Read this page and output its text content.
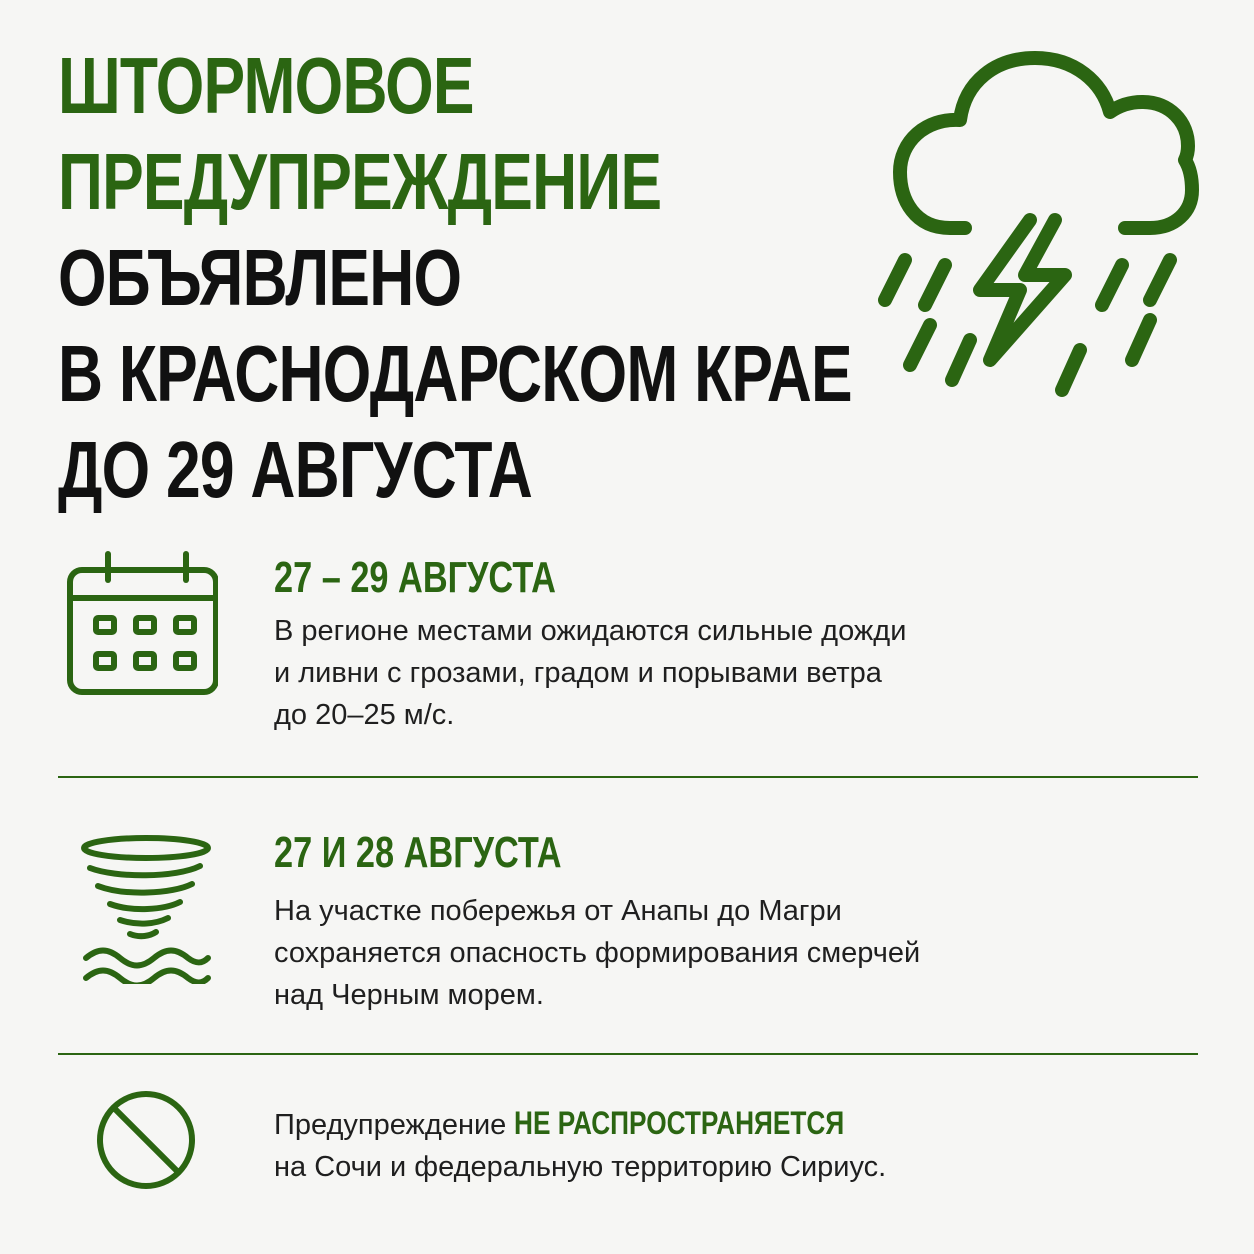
ШТОРМОВОЕ
ПРЕДУПРЕЖДЕНИЕ
ОБЪЯВЛЕНО
В КРАСНОДАРСКОМ КРАЕ
ДО 29 АВГУСТА
27 – 29 АВГУСТА
В регионе местами ожидаются сильные дожди
и ливни с грозами, градом и порывами ветра
до 20–25 м/с.
27 И 28 АВГУСТА
На участке побережья от Анапы до Магри
сохраняется опасность формирования смерчей
над Черным морем.
Предупреждение НЕ РАСПРОСТРАНЯЕТСЯ
на Сочи и федеральную территорию Сириус.
